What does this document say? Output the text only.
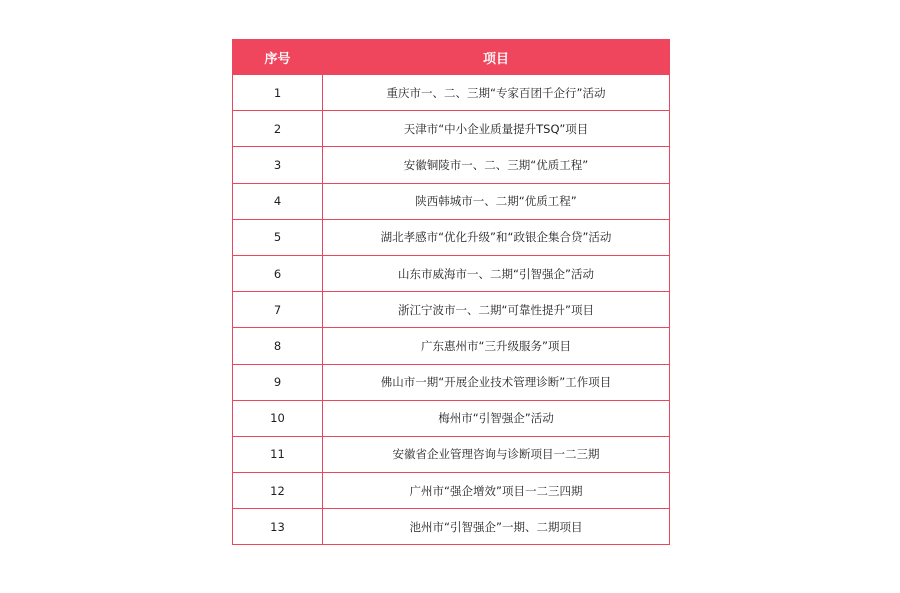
序号	项目
1	重庆市一、二、三期“专家百团千企行”活动
2	天津市“中小企业质量提升TSQ”项目
3	安徽铜陵市一、二、三期“优质工程”
4	陕西韩城市一、二期“优质工程”
5	湖北孝感市“优化升级”和“政银企集合贷”活动
6	山东市威海市一、二期“引智强企”活动
7	浙江宁波市一、二期“可靠性提升”项目
8	广东惠州市“三升级服务”项目
9	佛山市一期“开展企业技术管理诊断”工作项目
10	梅州市“引智强企”活动
11	安徽省企业管理咨询与诊断项目一二三期
12	广州市“强企增效”项目一二三四期
13	池州市“引智强企”一期、二期项目
